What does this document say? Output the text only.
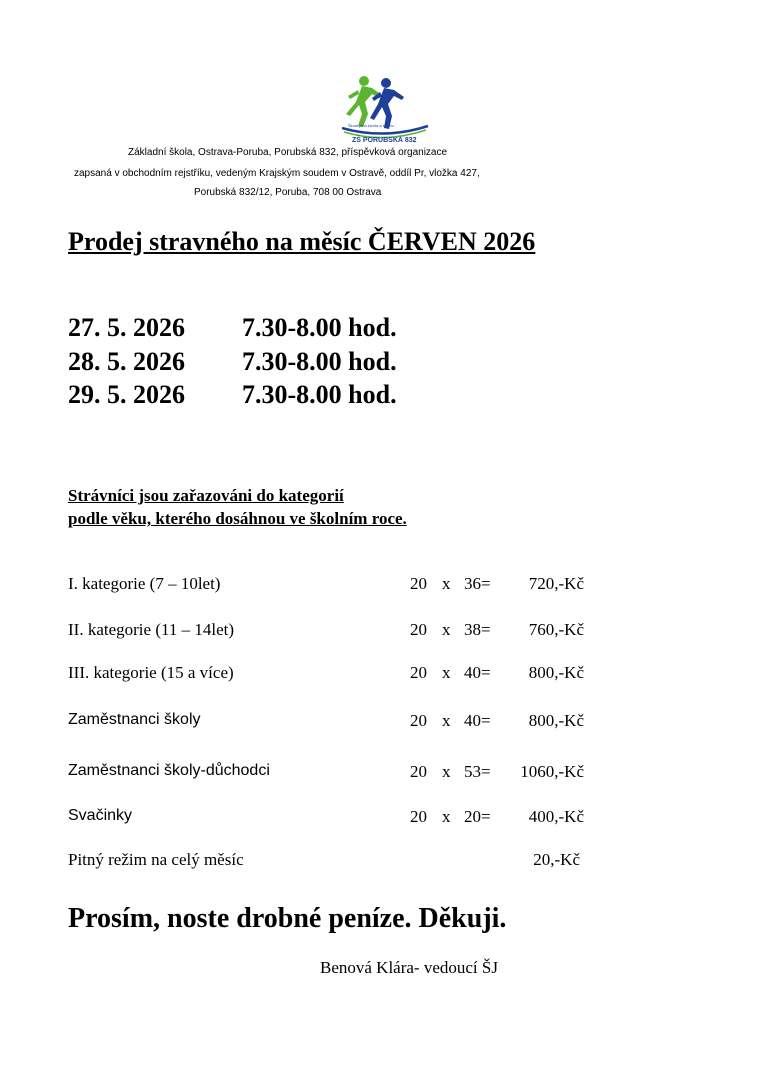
Škola plná života a sportu
ZŠ PORUBSKÁ 832
Základní škola, Ostrava-Poruba, Porubská 832, příspěvková organizace
zapsaná v obchodním rejstříku, vedeným Krajským soudem v Ostravě, oddíl Pr, vložka 427,
Porubská 832/12, Poruba, 708 00 Ostrava
Prodej stravného na měsíc ČERVEN 2026
27. 5. 2026 7.30-8.00 hod.
28. 5. 2026 7.30-8.00 hod.
29. 5. 2026 7.30-8.00 hod.
Strávníci jsou zařazováni do kategorií
podle věku, kterého dosáhnou ve školním roce.
I. kategorie (7 – 10let)	20 x 36= 720,-Kč
II. kategorie (11 – 14let)	20 x 38= 760,-Kč
III. kategorie (15 a více)	20 x 40= 800,-Kč
Zaměstnanci školy	20 x 40= 800,-Kč
Zaměstnanci školy-důchodci	20 x 53= 1060,-Kč
Svačinky	20 x 20= 400,-Kč
Pitný režim na celý měsíc	20,-Kč
Prosím, noste drobné peníze. Děkuji.
Benová Klára- vedoucí ŠJ
